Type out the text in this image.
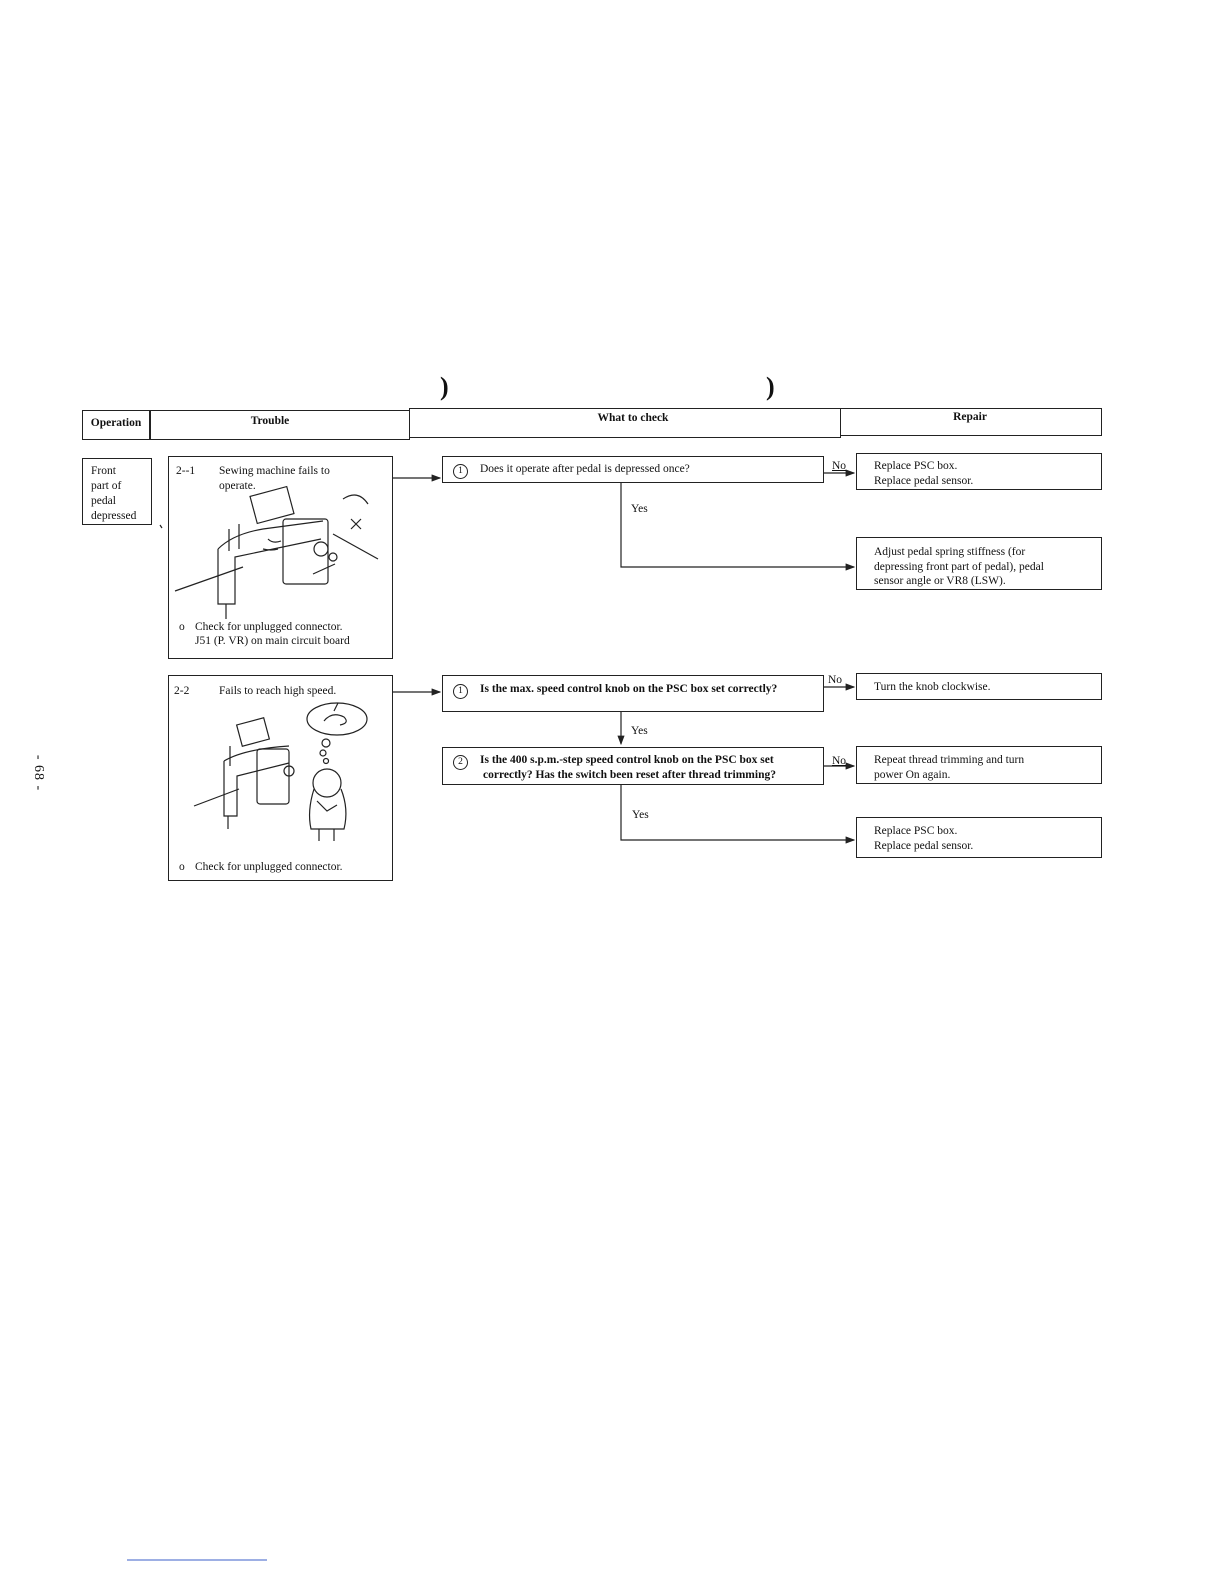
)	)
Operation	Trouble	What to check	Repair
Front
part of
pedal
depressed
2--1 Sewing machine fails to
operate.
o Check for unplugged connector.
J51 (P. VR) on main circuit board
2-2	Fails to reach high speed.
o Check for unplugged connector.
1 Does it operate after pedal is depressed once?
1 Is the max. speed control knob on the PSC box set correctly?
2 Is the 400 s.p.m.-step speed control knob on the PSC box set
correctly? Has the switch been reset after thread trimming?
No
Yes
No
Yes
No
Yes
Replace PSC box.
Replace pedal sensor.
Adjust pedal spring stiffness (for
depressing front part of pedal), pedal
sensor angle or VR8 (LSW).
Turn the knob clockwise.
Repeat thread trimming and turn
power On again.
Replace PSC box.
Replace pedal sensor.
- 68 -
